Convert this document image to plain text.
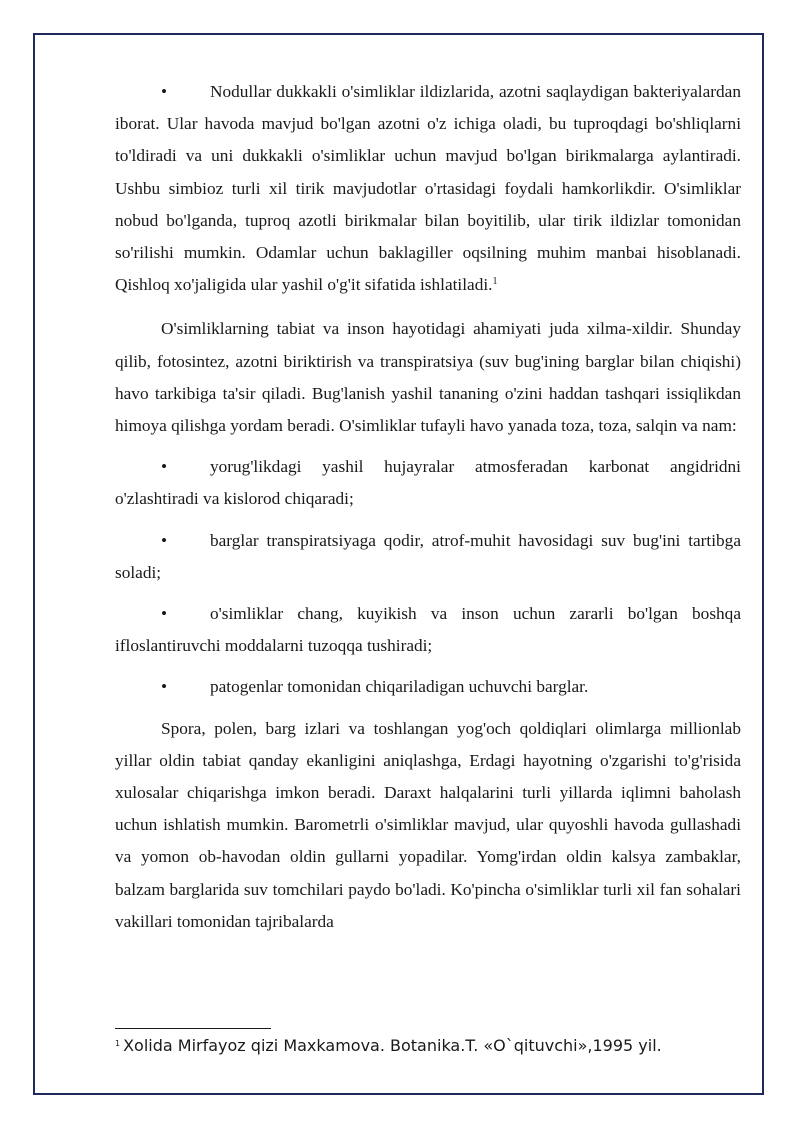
• Nodullar dukkakli o'simliklar ildizlarida, azotni saqlaydigan bakteriyalardan iborat. Ular havoda mavjud bo'lgan azotni o'z ichiga oladi, bu tuproqdagi bo'shliqlarni to'ldiradi va uni dukkakli o'simliklar uchun mavjud bo'lgan birikmalarga aylantiradi. Ushbu simbioz turli xil tirik mavjudotlar o'rtasidagi foydali hamkorlikdir. O'simliklar nobud bo'lganda, tuproq azotli birikmalar bilan boyitilib, ular tirik ildizlar tomonidan so'rilishi mumkin. Odamlar uchun baklagiller oqsilning muhim manbai hisoblanadi. Qishloq xo'jaligida ular yashil o'g'it sifatida ishlatiladi.$^1$

O'simliklarning tabiat va inson hayotidagi ahamiyati juda xilma-xildir. Shunday qilib, fotosintez, azotni biriktirish va transpiratsiya (suv bug'ining barglar bilan chiqishi) havo tarkibiga ta'sir qiladi. Bug'lanish yashil tananing o'zini haddan tashqari issiqlikdan himoya qilishga yordam beradi. O'simliklar tufayli havo yanada toza, toza, salqin va nam:

• yorug'likdagi yashil hujayralar atmosferadan karbonat angidridni o'zlashtiradi va kislorod chiqaradi;

• barglar transpiratsiyaga qodir, atrof-muhit havosidagi suv bug'ini tartibga soladi;

• o'simliklar chang, kuyikish va inson uchun zararli bo'lgan boshqa ifloslantiruvchi moddalarni tuzoqqa tushiradi;

• patogenlar tomonidan chiqariladigan uchuvchi barglar.

Spora, polen, barg izlari va toshlangan yog'och qoldiqlari olimlarga millionlab yillar oldin tabiat qanday ekanligini aniqlashga, Erdagi hayotning o'zgarishi to'g'risida xulosalar chiqarishga imkon beradi. Daraxt halqalarini turli yillarda iqlimni baholash uchun ishlatish mumkin. Barometrli o'simliklar mavjud, ular quyoshli havoda gullashadi va yomon ob-havodan oldin gullarni yopadilar. Yomg'irdan oldin kalsya zambaklar, balzam barglarida suv tomchilari paydo bo'ladi. Ko'pincha o'simliklar turli xil fan sohalari vakillari tomonidan tajribalarda

$^1$ Xolida Mirfayoz qizi Maxkamova. Botanika.T. «O`qituvchi»,1995 yil.
